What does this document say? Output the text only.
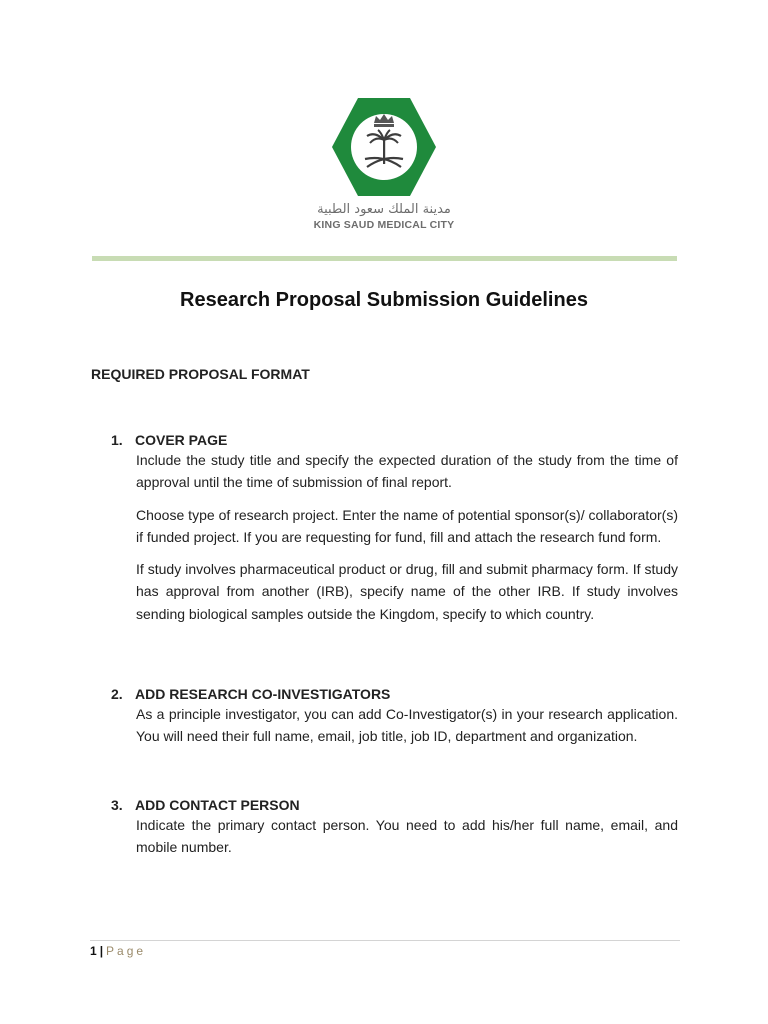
مدينة الملك سعود الطبية
KING SAUD MEDICAL CITY
Research Proposal Submission Guidelines
REQUIRED PROPOSAL FORMAT
1. COVER PAGE

Include the study title and specify the expected duration of the study from the time of approval until the time of submission of final report.

Choose type of research project. Enter the name of potential sponsor(s)/ collaborator(s) if funded project. If you are requesting for fund, fill and attach the research fund form.

If study involves pharmaceutical product or drug, fill and submit pharmacy form. If study has approval from another (IRB), specify name of the other IRB. If study involves sending biological samples outside the Kingdom, specify to which country.

2. ADD RESEARCH CO-INVESTIGATORS

As a principle investigator, you can add Co-Investigator(s) in your research application. You will need their full name, email, job title, job ID, department and organization.

3. ADD CONTACT PERSON

Indicate the primary contact person. You need to add his/her full name, email, and mobile number.

1 | Page
